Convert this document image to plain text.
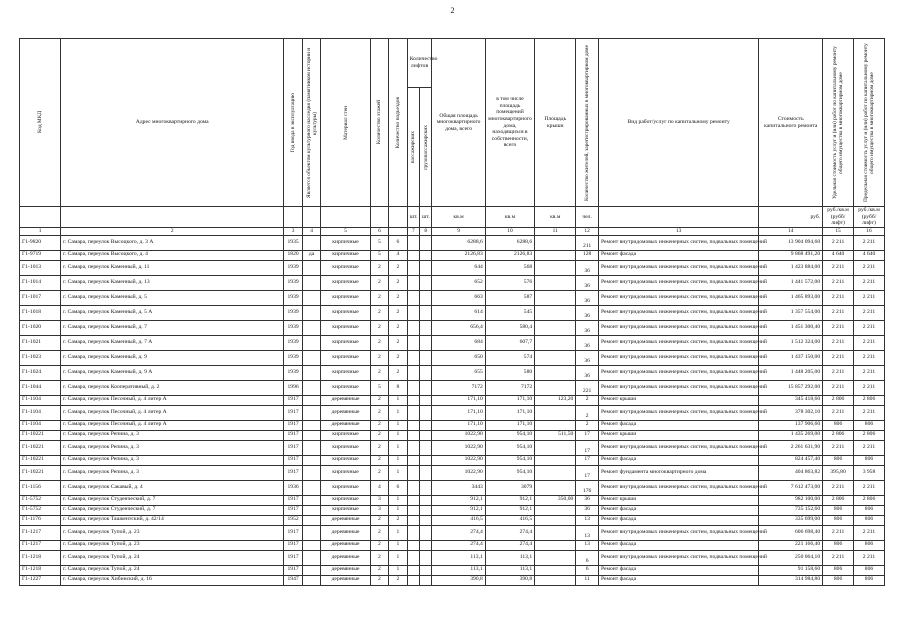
2
Код МКД	Адрес многоквартирного дома	Год ввода в эксплуатацию	Является объектом культурного наследия (памятником истории и культуры)	Материал стен	Количество этажей	Количество подъездов	Количество лифтов		Общая площадь многоквартирного дома, всего	в том числе площадь помещений многоквартирного дома, находящихся в собственности, всего	Площадь крыши	Количество жителей, зарегистрированных в многоквартирном доме	Вид работ/услуг по капитальному ремонту	Стоимость капитального ремонта	Удельная стоимость услуг и (или) работ по капитальному ремонту общего имущества в многоквартирном доме	Предельная стоимость услуг и (или) работ по капитальному ремонту общего имущества в многоквартирном доме

							пассажирских	грузопассажирских								

							шт.	шт.	кв.м	кв.м	кв.м	чел.		руб.	руб./кв.м (рубб/лифт)	руб./кв.м (рубб/лифт)
1	2	3	4	5	6		7	8	9	10	11	12	13	14	15	16
Г1-9820	г. Самара, переулок Высоцкого, д. 3 А	1935		кирпичные	5	6			6288,6	6288,6		211	Ремонт внутридомовых инженерных систем, подвальных помещений	13 904 094,60	2 211	2 211
Г1-9719	г. Самара, переулок Высоцкого, д. 4	1820	да	кирпичные	5	4			2126,83	2126,83		128	Ремонт фасада	9 868 491,20	4 640	4 640
Г1-1013	г. Самара, переулок Каменный, д. 11	1939		кирпичные	2	2			644	568		36	Ремонт внутридомовых инженерных систем, подвальных помещений	1 423 884,00	2 211	2 211
Г1-1014	г. Самара, переулок Каменный, д. 13	1939		кирпичные	2	2			652	576		36	Ремонт внутридомовых инженерных систем, подвальных помещений	1 441 572,00	2 211	2 211
Г1-1017	г. Самара, переулок Каменный, д. 5	1939		кирпичные	2	2			663	587		36	Ремонт внутридомовых инженерных систем, подвальных помещений	1 465 893,00	2 211	2 211
Г1-1018	г. Самара, переулок Каменный, д. 5 А	1939		кирпичные	2	2			614	545		36	Ремонт внутридомовых инженерных систем, подвальных помещений	1 357 554,00	2 211	2 211
Г1-1020	г. Самара, переулок Каменный, д. 7	1939		кирпичные	2	2			656,4	580,4		36	Ремонт внутридомовых инженерных систем, подвальных помещений	1 451 300,40	2 211	2 211
Г1-1021	г. Самара, переулок Каменный, д. 7 А	1939		кирпичные	2	2			684	607,7		36	Ремонт внутридомовых инженерных систем, подвальных помещений	1 512 324,00	2 211	2 211
Г1-1023	г. Самара, переулок Каменный, д. 9	1939		кирпичные	2	2			650	574		36	Ремонт внутридомовых инженерных систем, подвальных помещений	1 437 150,00	2 211	2 211
Г1-1024	г. Самара, переулок Каменный, д. 9 А	1939		кирпичные	2	2			655	580		36	Ремонт внутридомовых инженерных систем, подвальных помещений	1 448 205,00	2 211	2 211
Г1-1044	г. Самара, переулок Кооперативный, д. 2	1996		кирпичные	5	8			7172	7172		221	Ремонт внутридомовых инженерных систем, подвальных помещений	15 857 292,00	2 211	2 211
Г1-1104	г. Самара, переулок Песочный, д. 4 литер А	1917		деревянные	2	1			171,10	171,10	123,20	2	Ремонт крыши	345 418,60	2 806	2 806
Г1-1104	г. Самара, переулок Песочный, д. 4 литер А	1917		деревянные	2	1			171,10	171,10		2	Ремонт внутридомовых инженерных систем, подвальных помещений	378 302,10	2 211	2 211
Г1-1104	г. Самара, переулок Песочный, д. 4 литер А	1917		деревянные	2	1			171,10	171,10		2	Ремонт фасада	137 906,60	806	806
Г1-10221	г. Самара, переулок Репина, д. 3	1917		кирпичные	2	1			1022,90	954,10	511,50	17	Ремонт крыши	1 435 269,00	2 806	2 806
Г1-10221	г. Самара, переулок Репина, д. 3	1917		кирпичные	2	1			1022,90	954,10		17	Ремонт внутридомовых инженерных систем, подвальных помещений	2 261 631,90	2 211	2 211
Г1-10221	г. Самара, переулок Репина, д. 3	1917		кирпичные	2	1			1022,90	954,10		17	Ремонт фасада	824 457,40	806	806
Г1-10221	г. Самара, переулок Репина, д. 3	1917		кирпичные	2	1			1022,90	954,10		17	Ремонт фундамента многоквартирного дома	404 863,82	395,80	3 958
Г1-1156	г. Самара, переулок Сакавый, д. 4	1936		кирпичные	4	6			3443	3079		176	Ремонт внутридомовых инженерных систем, подвальных помещений	7 612 473,00	2 211	2 211
Г1-5752	г. Самара, переулок Студенческий, д. 7	1917		кирпичные	3	1			912,1	912,1	350,00	36	Ремонт крыши	982 100,00	2 806	2 806
Г1-5752	г. Самара, переулок Студенческий, д. 7	1917		кирпичные	3	1			912,1	912,1		36	Ремонт фасада	735 152,60	806	806
Г1-1176	г. Самара, переулок Ташкентский, д. 42/14	1952		деревянные	2	2			416,5	416,5		13	Ремонт фасада	335 699,00	806	806
Г1-1217	г. Самара, переулок Тупой, д. 23	1917		деревянные	2	1			274,4	274,4		13	Ремонт внутридомовых инженерных систем, подвальных помещений	606 698,40	2 211	2 211
Г1-1217	г. Самара, переулок Тупой, д. 23	1917		деревянные	2	1			274,4	274,4		13	Ремонт фасада	221 166,40	806	806
Г1-1218	г. Самара, переулок Тупой, д. 24	1917		деревянные	2	1			113,1	113,1		6	Ремонт внутридомовых инженерных систем, подвальных помещений	250 064,10	2 211	2 211
Г1-1218	г. Самара, переулок Тупой, д. 24	1917		деревянные	2	1			113,1	113,1		6	Ремонт фасада	91 158,60	806	806
Г1-1227	г. Самара, переулок Хибинский, д. 16	1947		деревянные	2	2			390,8	390,8		11	Ремонт фасада	314 984,80	806	806
